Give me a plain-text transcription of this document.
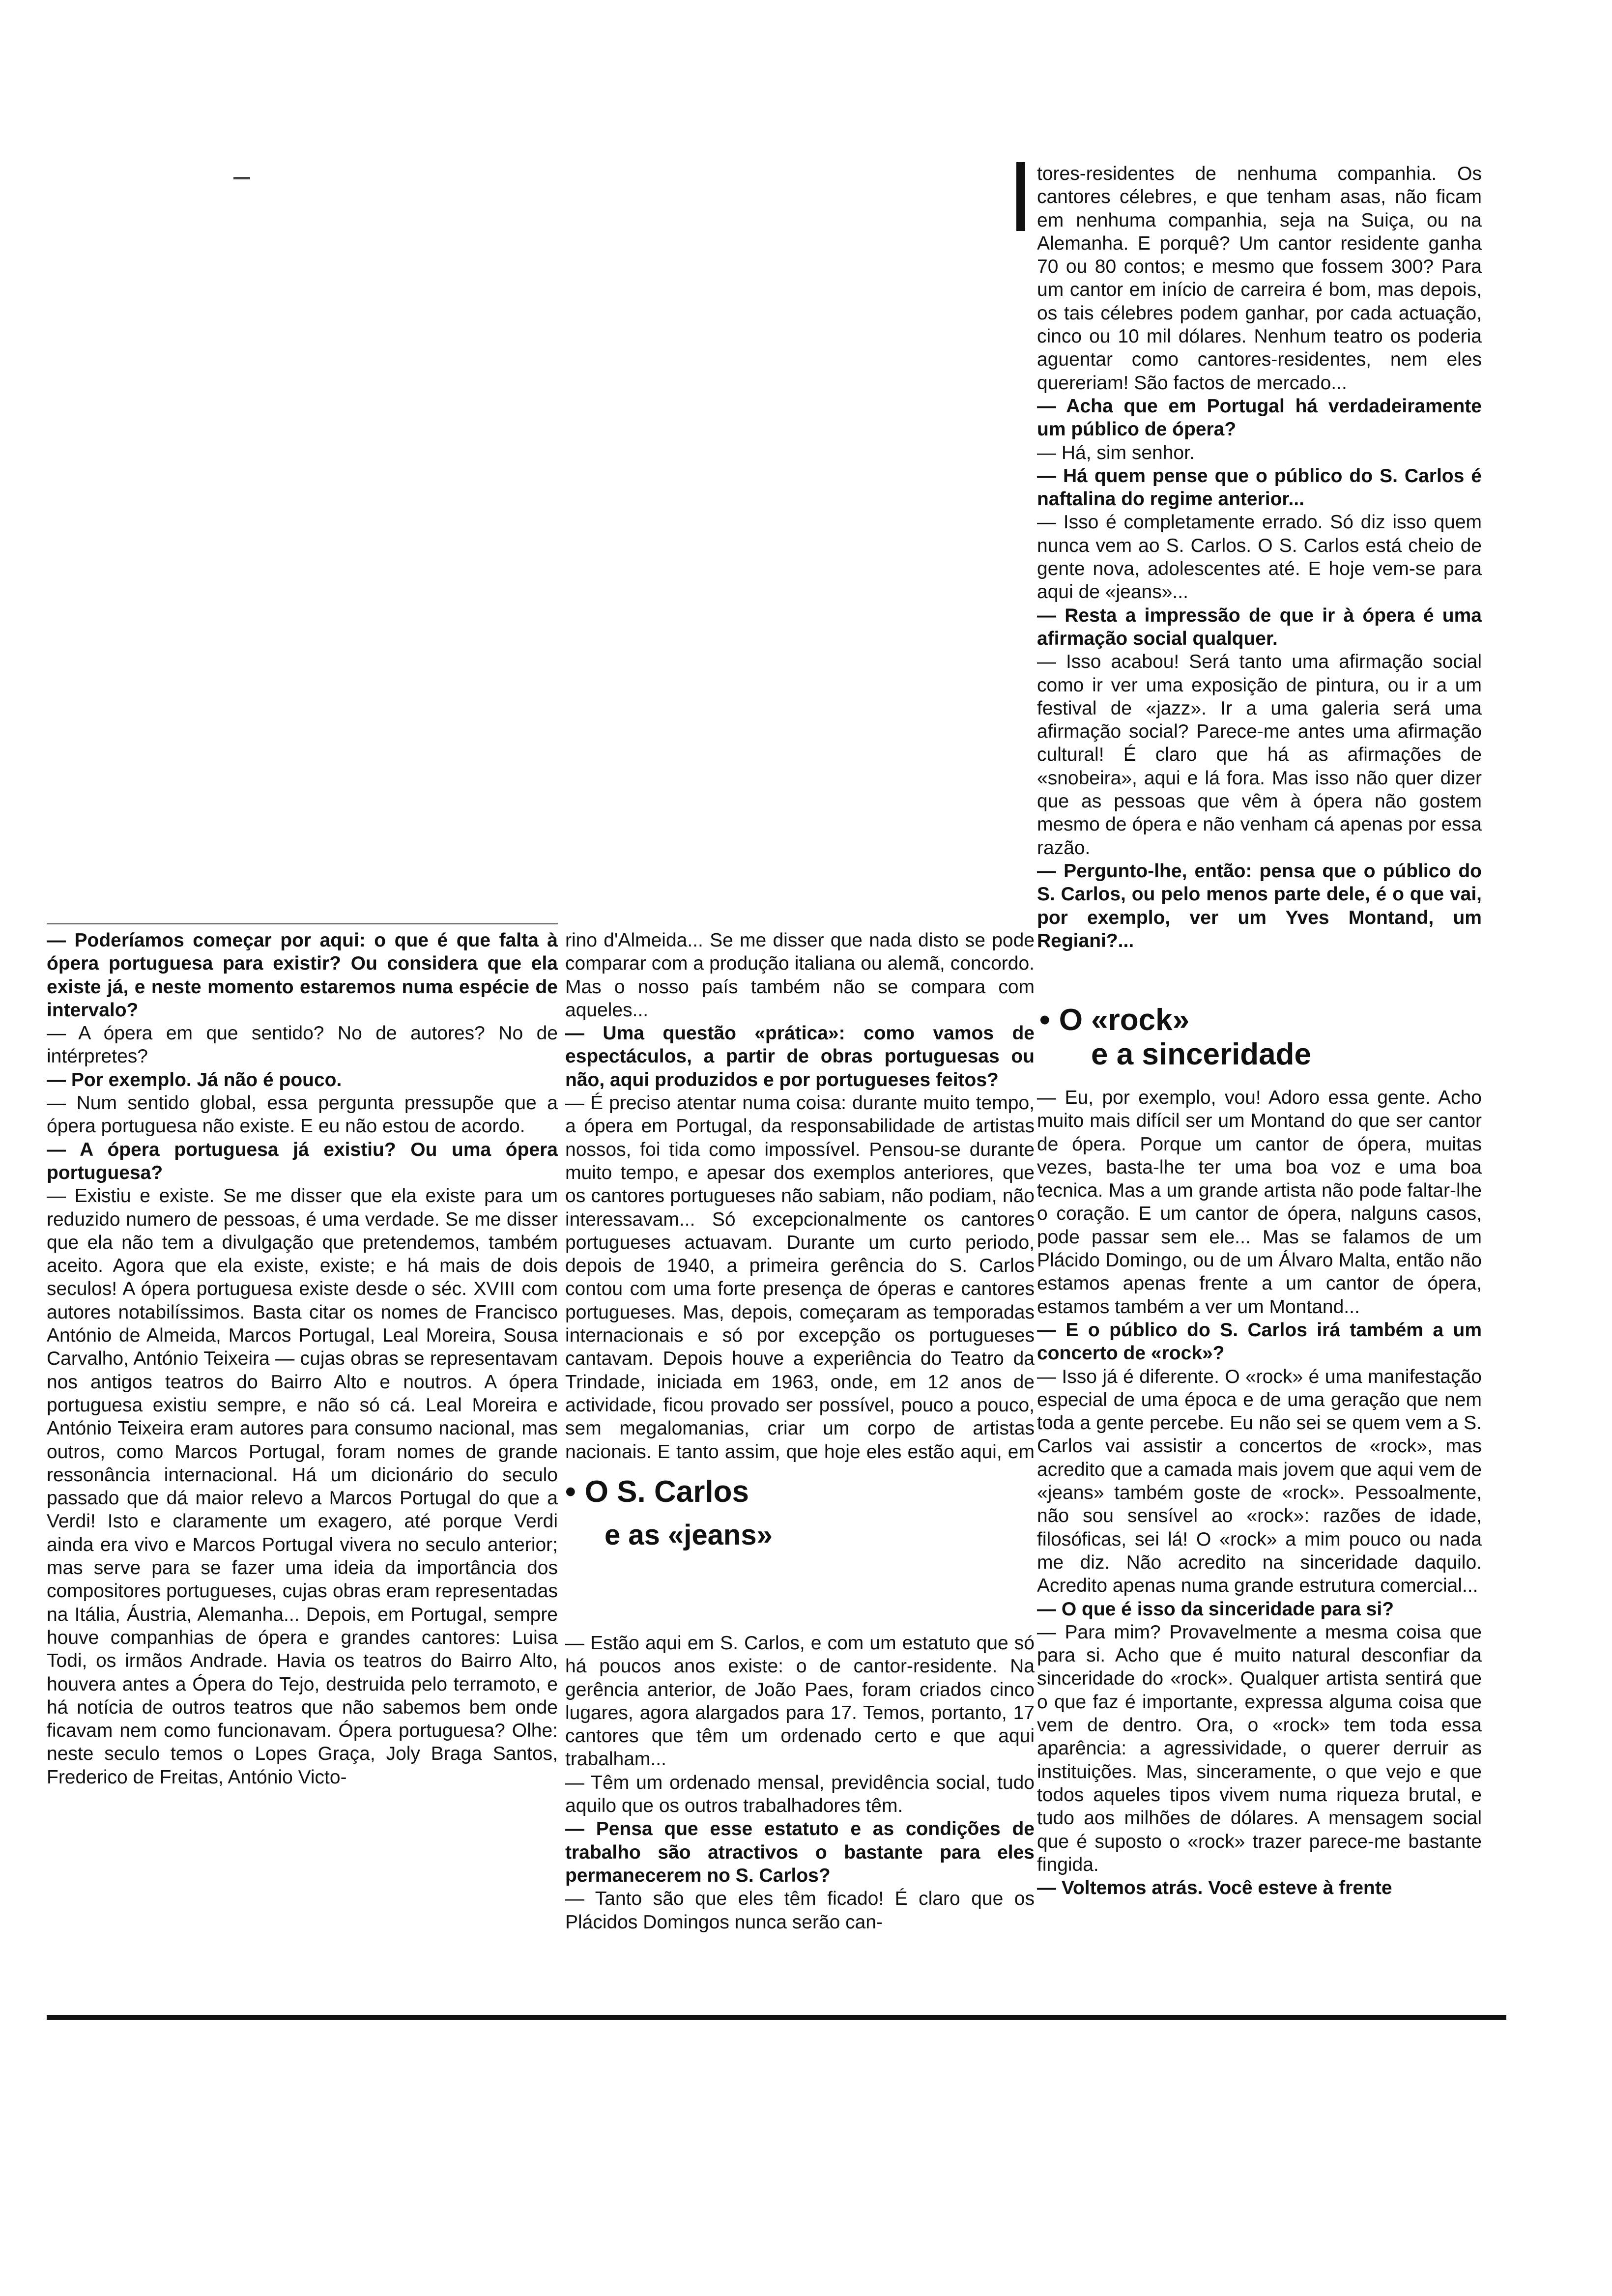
— Poderíamos começar por aqui: o que é que falta à ópera portuguesa para existir? Ou considera que ela existe já, e neste momento estaremos numa espécie de intervalo?

— A ópera em que sentido? No de autores? No de intérpretes?

— Por exemplo. Já não é pouco.

— Num sentido global, essa pergunta pressupõe que a ópera portuguesa não existe. E eu não estou de acordo.

— A ópera portuguesa já existiu? Ou uma ópera portuguesa?

— Existiu e existe. Se me disser que ela existe para um reduzido numero de pessoas, é uma verdade. Se me disser que ela não tem a divulgação que pretendemos, também aceito. Agora que ela existe, existe; e há mais de dois seculos! A ópera portuguesa existe desde o séc. XVIII com autores notabilíssimos. Basta citar os nomes de Francisco António de Almeida, Marcos Portugal, Leal Moreira, Sousa Carvalho, António Teixeira — cujas obras se representavam nos antigos teatros do Bairro Alto e noutros. A ópera portuguesa existiu sempre, e não só cá. Leal Moreira e António Teixeira eram autores para consumo nacional, mas outros, como Marcos Portugal, foram nomes de grande ressonância internacional. Há um dicionário do seculo passado que dá maior relevo a Marcos Portugal do que a Verdi! Isto e claramente um exagero, até porque Verdi ainda era vivo e Marcos Portugal vivera no seculo anterior; mas serve para se fazer uma ideia da importância dos compositores portugueses, cujas obras eram representadas na Itália, Áustria, Alemanha... Depois, em Portugal, sempre houve companhias de ópera e grandes cantores: Luisa Todi, os irmãos Andrade. Havia os teatros do Bairro Alto, houvera antes a Ópera do Tejo, destruida pelo terramoto, e há notícia de outros teatros que não sabemos bem onde ficavam nem como funcionavam. Ópera portuguesa? Olhe: neste seculo temos o Lopes Graça, Joly Braga Santos, Frederico de Freitas, António Victo-

rino d'Almeida... Se me disser que nada disto se pode comparar com a produção italiana ou alemã, concordo. Mas o nosso país também não se compara com aqueles...

— Uma questão «prática»: como vamos de espectáculos, a partir de obras portuguesas ou não, aqui produzidos e por portugueses feitos?

— É preciso atentar numa coisa: durante muito tempo, a ópera em Portugal, da responsabilidade de artistas nossos, foi tida como impossível. Pensou-se durante muito tempo, e apesar dos exemplos anteriores, que os cantores portugueses não sabiam, não podiam, não interessavam... Só excepcionalmente os cantores portugueses actuavam. Durante um curto periodo, depois de 1940, a primeira gerência do S. Carlos contou com uma forte presença de óperas e cantores portugueses. Mas, depois, começaram as temporadas internacionais e só por excepção os portugueses cantavam. Depois houve a experiência do Teatro da Trindade, iniciada em 1963, onde, em 12 anos de actividade, ficou provado ser possível, pouco a pouco, sem megalomanias, criar um corpo de artistas nacionais. E tanto assim, que hoje eles estão aqui, em

• O S. Carlos
e as «jeans»

— Estão aqui em S. Carlos, e com um estatuto que só há poucos anos existe: o de cantor-residente. Na gerência anterior, de João Paes, foram criados cinco lugares, agora alargados para 17. Temos, portanto, 17 cantores que têm um ordenado certo e que aqui trabalham...

— Têm um ordenado mensal, previdência social, tudo aquilo que os outros trabalhadores têm.

— Pensa que esse estatuto e as condições de trabalho são atractivos o bastante para eles permanecerem no S. Carlos?

— Tanto são que eles têm ficado! É claro que os Plácidos Domingos nunca serão can-

tores-residentes de nenhuma companhia. Os cantores célebres, e que tenham asas, não ficam em nenhuma companhia, seja na Suiça, ou na Alemanha. E porquê? Um cantor residente ganha 70 ou 80 contos; e mesmo que fossem 300? Para um cantor em início de carreira é bom, mas depois, os tais célebres podem ganhar, por cada actuação, cinco ou 10 mil dólares. Nenhum teatro os poderia aguentar como cantores-residentes, nem eles quereriam! São factos de mercado...

— Acha que em Portugal há verdadeiramente um público de ópera?

— Há, sim senhor.

— Há quem pense que o público do S. Carlos é naftalina do regime anterior...

— Isso é completamente errado. Só diz isso quem nunca vem ao S. Carlos. O S. Carlos está cheio de gente nova, adolescentes até. E hoje vem-se para aqui de «jeans»...

— Resta a impressão de que ir à ópera é uma afirmação social qualquer.

— Isso acabou! Será tanto uma afirmação social como ir ver uma exposição de pintura, ou ir a um festival de «jazz». Ir a uma galeria será uma afirmação social? Parece-me antes uma afirmação cultural! É claro que há as afirmações de «snobeira», aqui e lá fora. Mas isso não quer dizer que as pessoas que vêm à ópera não gostem mesmo de ópera e não venham cá apenas por essa razão.

— Pergunto-lhe, então: pensa que o público do S. Carlos, ou pelo menos parte dele, é o que vai, por exemplo, ver um Yves Montand, um Regiani?...

• O «rock»
e a sinceridade

— Eu, por exemplo, vou! Adoro essa gente. Acho muito mais difícil ser um Montand do que ser cantor de ópera. Porque um cantor de ópera, muitas vezes, basta-lhe ter uma boa voz e uma boa tecnica. Mas a um grande artista não pode faltar-lhe o coração. E um cantor de ópera, nalguns casos, pode passar sem ele... Mas se falamos de um Plácido Domingo, ou de um Álvaro Malta, então não estamos apenas frente a um cantor de ópera, estamos também a ver um Montand...

— E o público do S. Carlos irá também a um concerto de «rock»?

— Isso já é diferente. O «rock» é uma manifestação especial de uma época e de uma geração que nem toda a gente percebe. Eu não sei se quem vem a S. Carlos vai assistir a concertos de «rock», mas acredito que a camada mais jovem que aqui vem de «jeans» também goste de «rock». Pessoalmente, não sou sensível ao «rock»: razões de idade, filosóficas, sei lá! O «rock» a mim pouco ou nada me diz. Não acredito na sinceridade daquilo. Acredito apenas numa grande estrutura comercial...

— O que é isso da sinceridade para si?

— Para mim? Provavelmente a mesma coisa que para si. Acho que é muito natural desconfiar da sinceridade do «rock». Qualquer artista sentirá que o que faz é importante, expressa alguma coisa que vem de dentro. Ora, o «rock» tem toda essa aparência: a agressividade, o querer derruir as instituições. Mas, sinceramente, o que vejo e que todos aqueles tipos vivem numa riqueza brutal, e tudo aos milhões de dólares. A mensagem social que é suposto o «rock» trazer parece-me bastante fingida.

— Voltemos atrás. Você esteve à frente
